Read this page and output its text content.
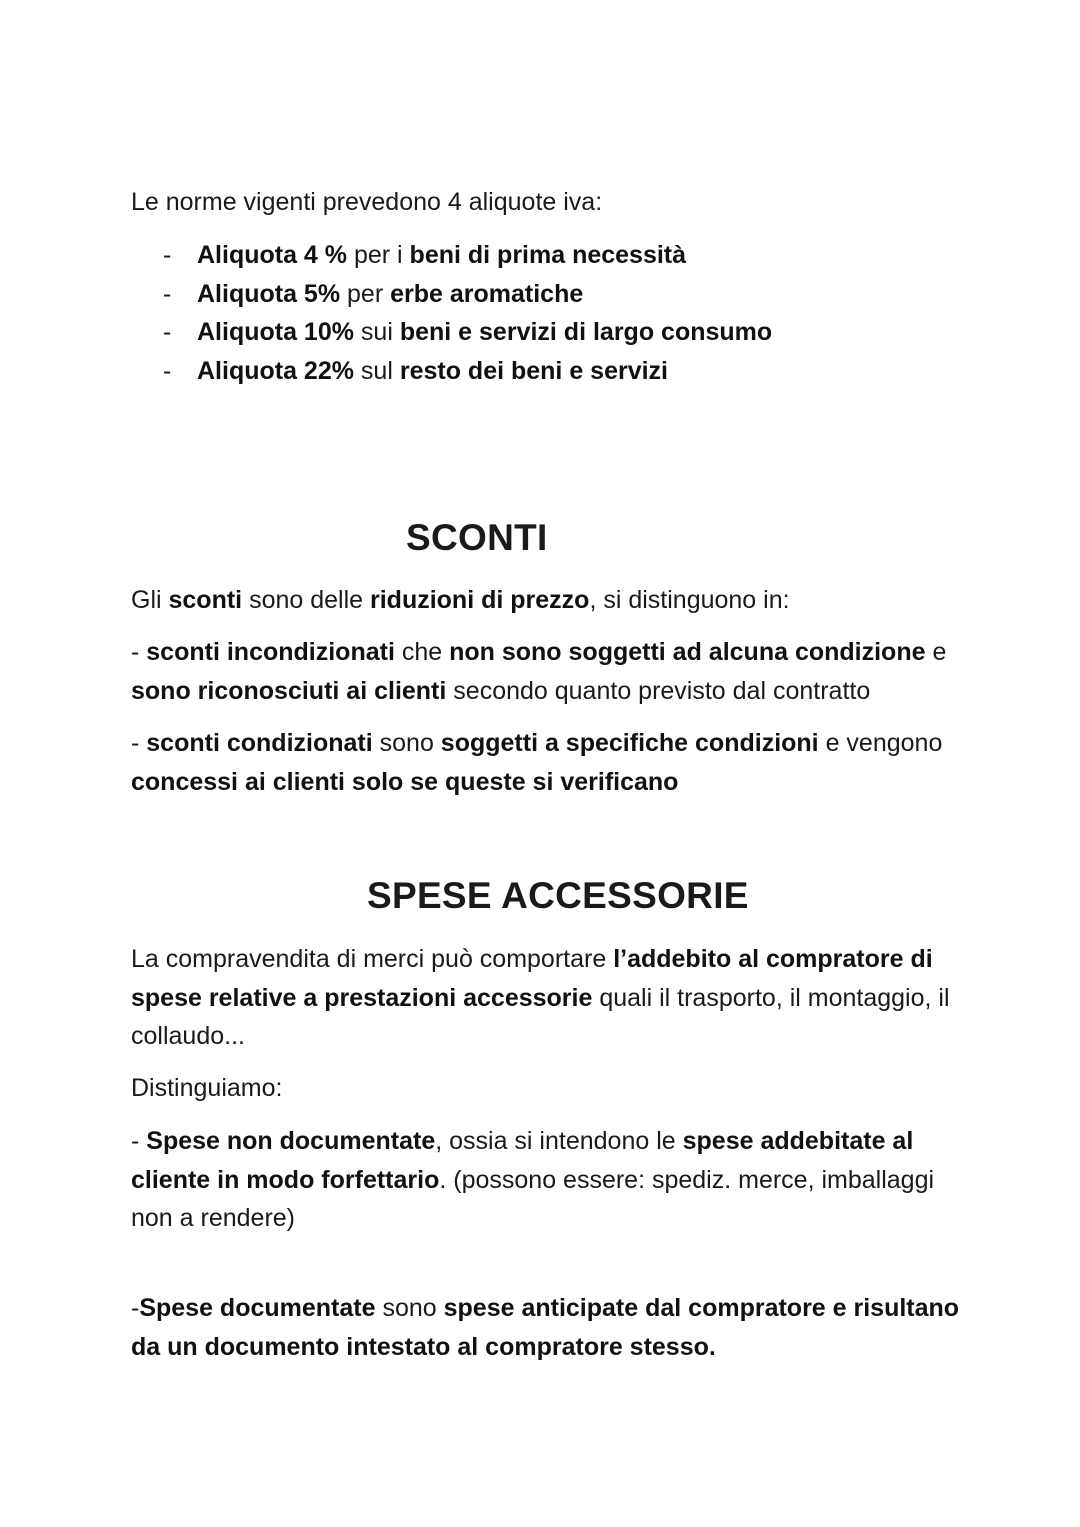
Le norme vigenti prevedono 4 aliquote iva:

- Aliquota 4 % per i beni di prima necessità
- Aliquota 5% per erbe aromatiche
- Aliquota 10% sui beni e servizi di largo consumo
- Aliquota 22% sul resto dei beni e servizi
SCONTI

Gli sconti sono delle riduzioni di prezzo, si distinguono in:

- sconti incondizionati che non sono soggetti ad alcuna condizione e sono riconosciuti ai clienti secondo quanto previsto dal contratto

- sconti condizionati sono soggetti a specifiche condizioni e vengono concessi ai clienti solo se queste si verificano

SPESE ACCESSORIE

La compravendita di merci può comportare l’addebito al compratore di spese relative a prestazioni accessorie quali il trasporto, il montaggio, il collaudo...

Distinguiamo:

- Spese non documentate, ossia si intendono le spese addebitate al cliente in modo forfettario. (possono essere: spediz. merce, imballaggi non a rendere)

-Spese documentate sono spese anticipate dal compratore e risultano da un documento intestato al compratore stesso.
